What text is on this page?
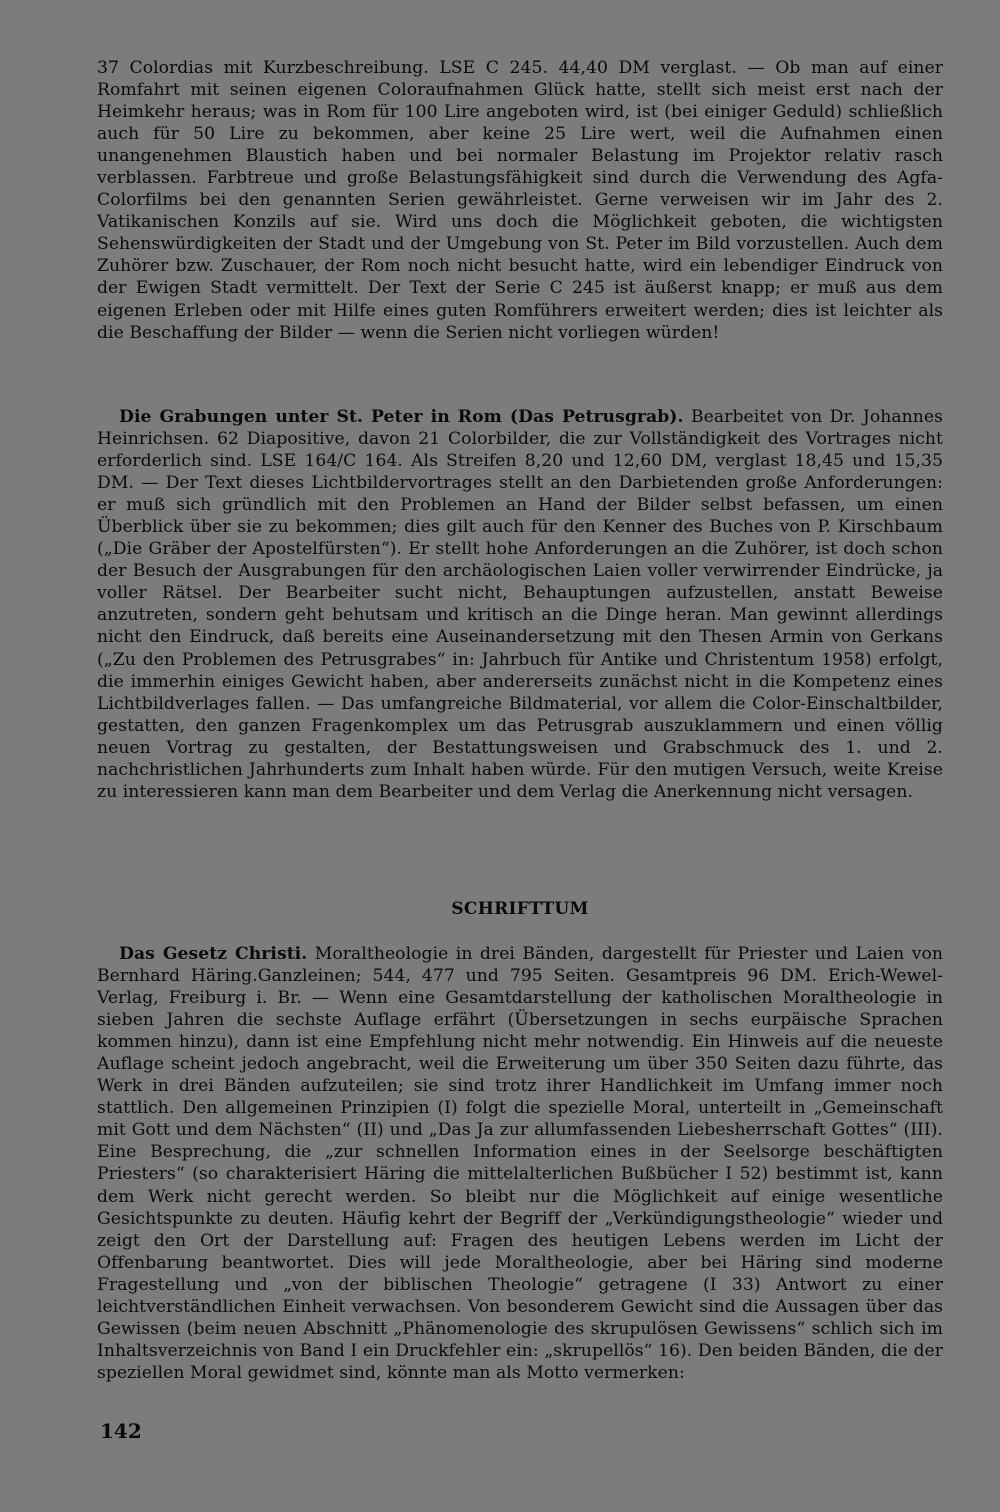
37 Colordias mit Kurzbeschreibung. LSE C 245. 44,40 DM verglast. — Ob man auf einer Romfahrt mit seinen eigenen Coloraufnahmen Glück hatte, stellt sich meist erst nach der Heimkehr heraus; was in Rom für 100 Lire angeboten wird, ist (bei einiger Geduld) schließlich auch für 50 Lire zu bekommen, aber keine 25 Lire wert, weil die Aufnahmen einen unangenehmen Blaustich haben und bei normaler Belastung im Projektor relativ rasch verblassen. Farbtreue und große Belastungsfähigkeit sind durch die Verwendung des Agfa-Colorfilms bei den genannten Serien gewährleistet. Gerne verweisen wir im Jahr des 2. Vatikanischen Konzils auf sie. Wird uns doch die Möglichkeit geboten, die wichtigsten Sehenswürdigkeiten der Stadt und der Umgebung von St. Peter im Bild vorzustellen. Auch dem Zuhörer bzw. Zuschauer, der Rom noch nicht besucht hatte, wird ein lebendiger Eindruck von der Ewigen Stadt vermittelt. Der Text der Serie C 245 ist äußerst knapp; er muß aus dem eigenen Erleben oder mit Hilfe eines guten Romführers erweitert werden; dies ist leichter als die Beschaffung der Bilder — wenn die Serien nicht vorliegen würden!
Die Grabungen unter St. Peter in Rom (Das Petrusgrab). Bearbeitet von Dr. Johannes Heinrichsen. 62 Diapositive, davon 21 Colorbilder, die zur Vollständigkeit des Vortrages nicht erforderlich sind. LSE 164/C 164. Als Streifen 8,20 und 12,60 DM, verglast 18,45 und 15,35 DM. — Der Text dieses Lichtbildervortrages stellt an den Darbietenden große Anforderungen: er muß sich gründlich mit den Problemen an Hand der Bilder selbst befassen, um einen Überblick über sie zu bekommen; dies gilt auch für den Kenner des Buches von P. Kirschbaum („Die Gräber der Apostelfürsten“). Er stellt hohe Anforderungen an die Zuhörer, ist doch schon der Besuch der Ausgrabungen für den archäologischen Laien voller verwirrender Eindrücke, ja voller Rätsel. Der Bearbeiter sucht nicht, Behauptungen aufzustellen, anstatt Beweise anzutreten, sondern geht behutsam und kritisch an die Dinge heran. Man gewinnt allerdings nicht den Eindruck, daß bereits eine Auseinandersetzung mit den Thesen Armin von Gerkans („Zu den Problemen des Petrusgrabes“ in: Jahrbuch für Antike und Christentum 1958) erfolgt, die immerhin einiges Gewicht haben, aber andererseits zunächst nicht in die Kompetenz eines Lichtbildverlages fallen. — Das umfangreiche Bildmaterial, vor allem die Color-Einschaltbilder, gestatten, den ganzen Fragenkomplex um das Petrusgrab auszuklammern und einen völlig neuen Vortrag zu gestalten, der Bestattungsweisen und Grabschmuck des 1. und 2. nachchristlichen Jahrhunderts zum Inhalt haben würde. Für den mutigen Versuch, weite Kreise zu interessieren kann man dem Bearbeiter und dem Verlag die Anerkennung nicht versagen.
SCHRIFTTUM
Das Gesetz Christi. Moraltheologie in drei Bänden, dargestellt für Priester und Laien von Bernhard Häring.Ganzleinen; 544, 477 und 795 Seiten. Gesamtpreis 96 DM. Erich-Wewel-Verlag, Freiburg i. Br. — Wenn eine Gesamtdarstellung der katholischen Moraltheologie in sieben Jahren die sechste Auflage erfährt (Übersetzungen in sechs eurpäische Sprachen kommen hinzu), dann ist eine Empfehlung nicht mehr notwendig. Ein Hinweis auf die neueste Auflage scheint jedoch angebracht, weil die Erweiterung um über 350 Seiten dazu führte, das Werk in drei Bänden aufzuteilen; sie sind trotz ihrer Handlichkeit im Umfang immer noch stattlich. Den allgemeinen Prinzipien (I) folgt die spezielle Moral, unterteilt in „Gemeinschaft mit Gott und dem Nächsten“ (II) und „Das Ja zur allumfassenden Liebesherrschaft Gottes“ (III). Eine Besprechung, die „zur schnellen Information eines in der Seelsorge beschäftigten Priesters“ (so charakterisiert Häring die mittelalterlichen Bußbücher I 52) bestimmt ist, kann dem Werk nicht gerecht werden. So bleibt nur die Möglichkeit auf einige wesentliche Gesichtspunkte zu deuten. Häufig kehrt der Begriff der „Verkündigungstheologie“ wieder und zeigt den Ort der Darstellung auf: Fragen des heutigen Lebens werden im Licht der Offenbarung beantwortet. Dies will jede Moraltheologie, aber bei Häring sind moderne Fragestellung und „von der biblischen Theologie“ getragene (I 33) Antwort zu einer leichtverständlichen Einheit verwachsen. Von besonderem Gewicht sind die Aussagen über das Gewissen (beim neuen Abschnitt „Phänomenologie des skrupulösen Gewissens“ schlich sich im Inhaltsverzeichnis von Band I ein Druckfehler ein: „skrupellös“ 16). Den beiden Bänden, die der speziellen Moral gewidmet sind, könnte man als Motto vermerken:
142
